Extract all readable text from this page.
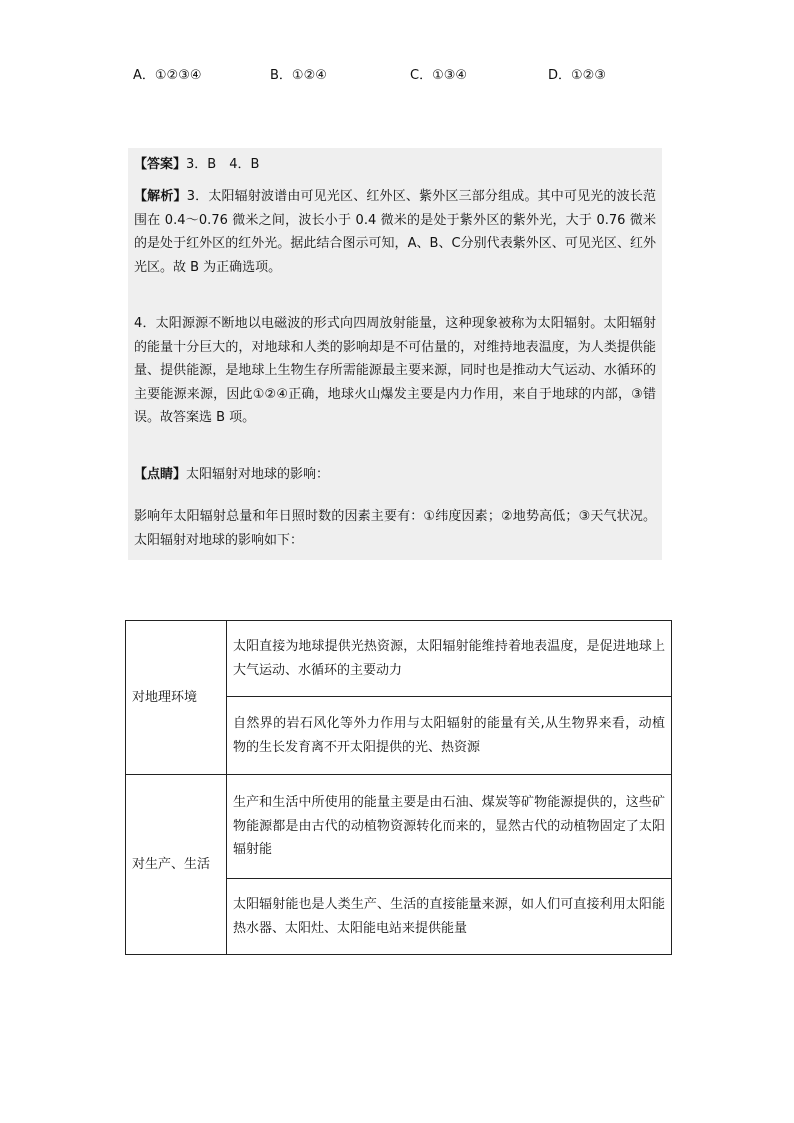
A．①②③④	B．①②④	C．①③④	D．①②③
【答案】3．B　4．B
【解析】3．太阳辐射波谱由可见光区、红外区、紫外区三部分组成。其中可见光的波长范围在 0.4～0.76 微米之间，波长小于 0.4 微米的是处于紫外区的紫外光，大于 0.76 微米的是处于红外区的红外光。据此结合图示可知，A、B、C分别代表紫外区、可见光区、红外光区。故 B 为正确选项。
4．太阳源源不断地以电磁波的形式向四周放射能量，这种现象被称为太阳辐射。太阳辐射的能量十分巨大的，对地球和人类的影响却是不可估量的，对维持地表温度，为人类提供能量、提供能源，是地球上生物生存所需能源最主要来源，同时也是推动大气运动、水循环的主要能源来源，因此①②④正确，地球火山爆发主要是内力作用，来自于地球的内部，③错误。故答案选 B 项。
【点睛】太阳辐射对地球的影响：
影响年太阳辐射总量和年日照时数的因素主要有：①纬度因素；②地势高低；③天气状况。太阳辐射对地球的影响如下：
对地理环境	太阳直接为地球提供光热资源，太阳辐射能维持着地表温度，是促进地球上大气运动、水循环的主要动力
	自然界的岩石风化等外力作用与太阳辐射的能量有关,从生物界来看，动植物的生长发育离不开太阳提供的光、热资源
对生产、生活	生产和生活中所使用的能量主要是由石油、煤炭等矿物能源提供的，这些矿物能源都是由古代的动植物资源转化而来的，显然古代的动植物固定了太阳辐射能
	太阳辐射能也是人类生产、生活的直接能量来源，如人们可直接利用太阳能热水器、太阳灶、太阳能电站来提供能量
